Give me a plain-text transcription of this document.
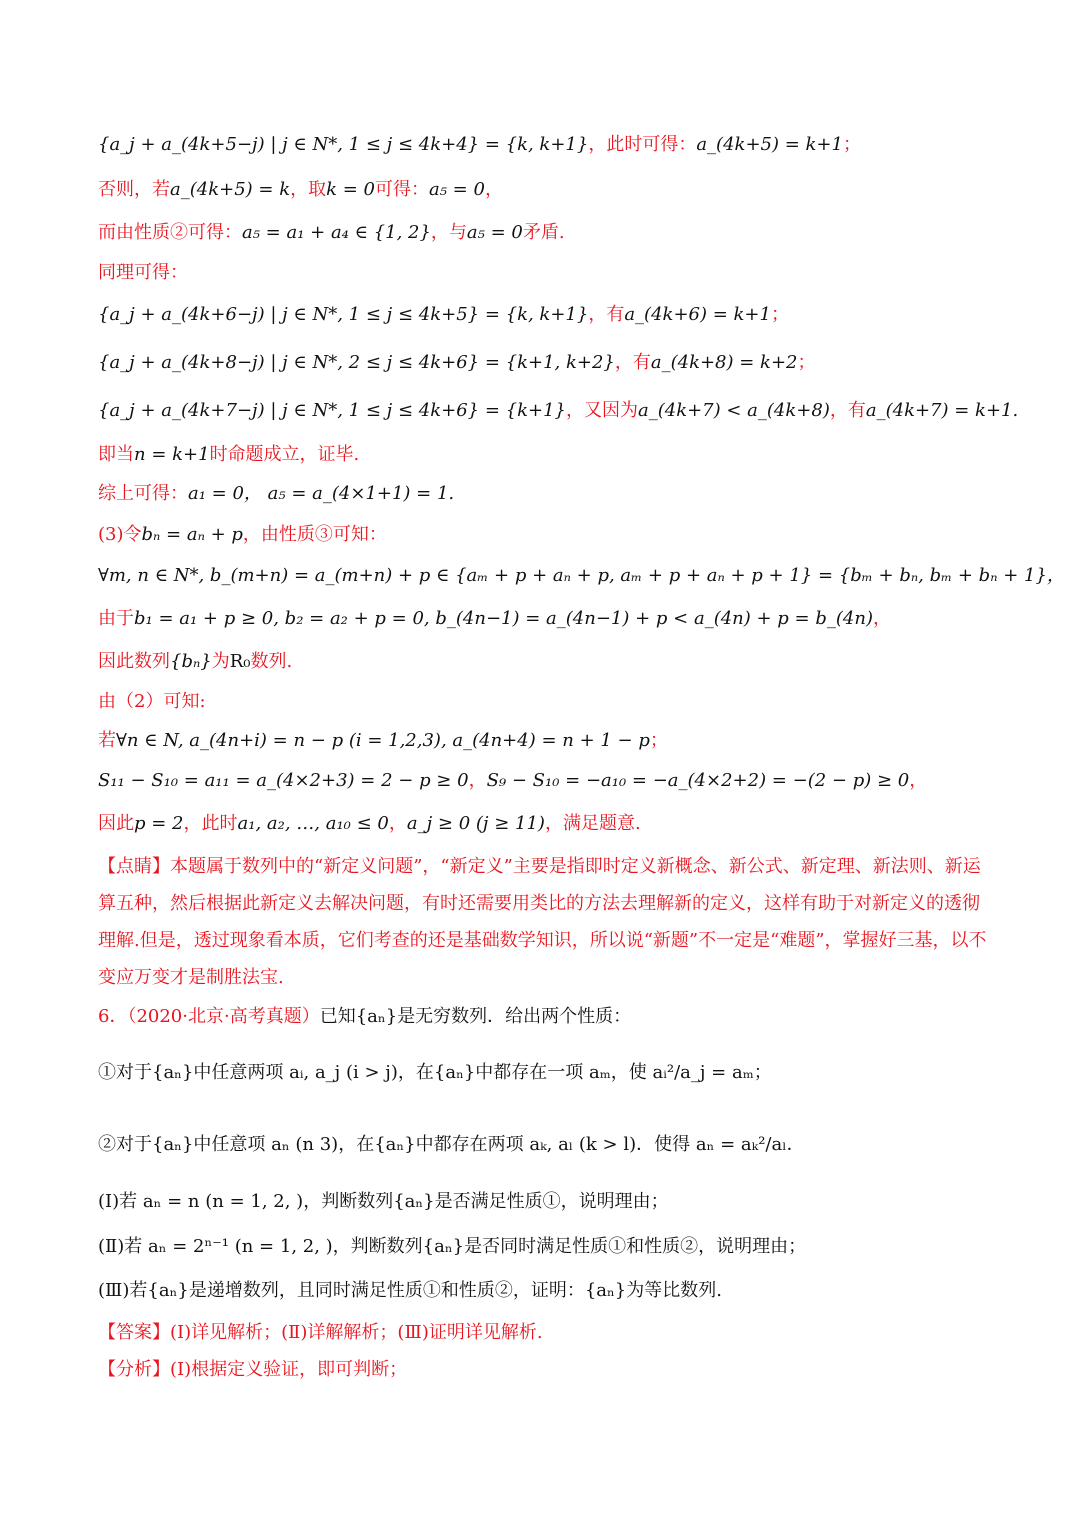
{a_j + a_(4k+5−j) | j ∈ N*, 1 ≤ j ≤ 4k+4} = {k, k+1}，此时可得：a_(4k+5) = k+1；
否则，若a_(4k+5) = k，取k = 0可得：a₅ = 0，
而由性质②可得：a₅ = a₁ + a₄ ∈ {1, 2}，与a₅ = 0矛盾.
同理可得：
{a_j + a_(4k+6−j) | j ∈ N*, 1 ≤ j ≤ 4k+5} = {k, k+1}，有a_(4k+6) = k+1；
{a_j + a_(4k+8−j) | j ∈ N*, 2 ≤ j ≤ 4k+6} = {k+1, k+2}，有a_(4k+8) = k+2；
{a_j + a_(4k+7−j) | j ∈ N*, 1 ≤ j ≤ 4k+6} = {k+1}，又因为a_(4k+7) < a_(4k+8)，有a_(4k+7) = k+1.
即当n = k+1时命题成立，证毕.
综上可得：a₁ = 0， a₅ = a_(4×1+1) = 1.
(3)令bₙ = aₙ + p，由性质③可知：
∀m, n ∈ N*, b_(m+n) = a_(m+n) + p ∈ {aₘ + p + aₙ + p, aₘ + p + aₙ + p + 1} = {bₘ + bₙ, bₘ + bₙ + 1}，
由于b₁ = a₁ + p ≥ 0, b₂ = a₂ + p = 0, b_(4n−1) = a_(4n−1) + p < a_(4n) + p = b_(4n)，
因此数列{bₙ}为R₀数列.
由（2）可知:
若∀n ∈ N, a_(4n+i) = n − p (i = 1,2,3), a_(4n+4) = n + 1 − p；
S₁₁ − S₁₀ = a₁₁ = a_(4×2+3) = 2 − p ≥ 0，S₉ − S₁₀ = −a₁₀ = −a_(4×2+2) = −(2 − p) ≥ 0，
因此p = 2，此时a₁, a₂, …, a₁₀ ≤ 0，a_j ≥ 0 (j ≥ 11)，满足题意.
【点睛】本题属于数列中的“新定义问题”，“新定义”主要是指即时定义新概念、新公式、新定理、新法则、新运算五种，然后根据此新定义去解决问题，有时还需要用类比的方法去理解新的定义，这样有助于对新定义的透彻理解.但是，透过现象看本质，它们考查的还是基础数学知识，所以说“新题”不一定是“难题”，掌握好三基，以不变应万变才是制胜法宝.
6．（2020·北京·高考真题）已知{aₙ}是无穷数列．给出两个性质：
①对于{aₙ}中任意两项 aᵢ, a_j (i > j)，在{aₙ}中都存在一项 aₘ，使 aᵢ²/a_j = aₘ；
②对于{aₙ}中任意项 aₙ (n 3)，在{aₙ}中都存在两项 aₖ, aₗ (k > l)．使得 aₙ = aₖ²/aₗ．
(Ⅰ)若 aₙ = n (n = 1, 2, )，判断数列{aₙ}是否满足性质①，说明理由；
(Ⅱ)若 aₙ = 2ⁿ⁻¹ (n = 1, 2, )，判断数列{aₙ}是否同时满足性质①和性质②，说明理由；
(Ⅲ)若{aₙ}是递增数列，且同时满足性质①和性质②，证明：{aₙ}为等比数列.
【答案】(Ⅰ)详见解析；(Ⅱ)详解解析；(Ⅲ)证明详见解析.
【分析】(Ⅰ)根据定义验证，即可判断；
